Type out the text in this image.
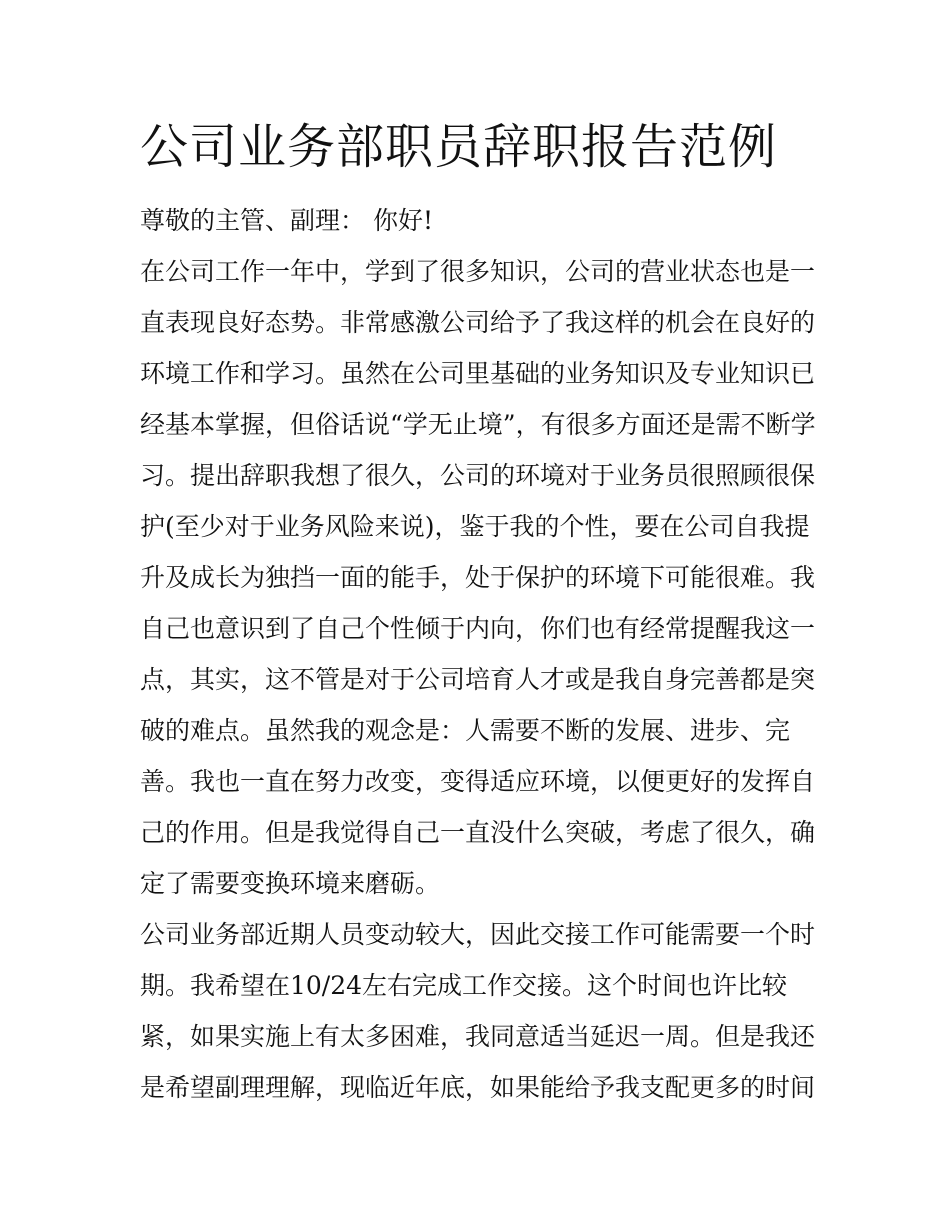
公司业务部职员辞职报告范例

尊敬的主管、副理： 你好!

在公司工作一年中，学到了很多知识，公司的营业状态也是一

直表现良好态势。非常感激公司给予了我这样的机会在良好的

环境工作和学习。虽然在公司里基础的业务知识及专业知识已

经基本掌握，但俗话说“学无止境”，有很多方面还是需不断学

习。提出辞职我想了很久，公司的环境对于业务员很照顾很保

护(至少对于业务风险来说)，鉴于我的个性，要在公司自我提

升及成长为独挡一面的能手，处于保护的环境下可能很难。我

自己也意识到了自己个性倾于内向，你们也有经常提醒我这一

点，其实，这不管是对于公司培育人才或是我自身完善都是突

破的难点。虽然我的观念是：人需要不断的发展、进步、完

善。我也一直在努力改变，变得适应环境，以便更好的发挥自

己的作用。但是我觉得自己一直没什么突破，考虑了很久，确

定了需要变换环境来磨砺。

公司业务部近期人员变动较大，因此交接工作可能需要一个时

期。我希望在10/24左右完成工作交接。这个时间也许比较

紧，如果实施上有太多困难，我同意适当延迟一周。但是我还

是希望副理理解，现临近年底，如果能给予我支配更多的时间
